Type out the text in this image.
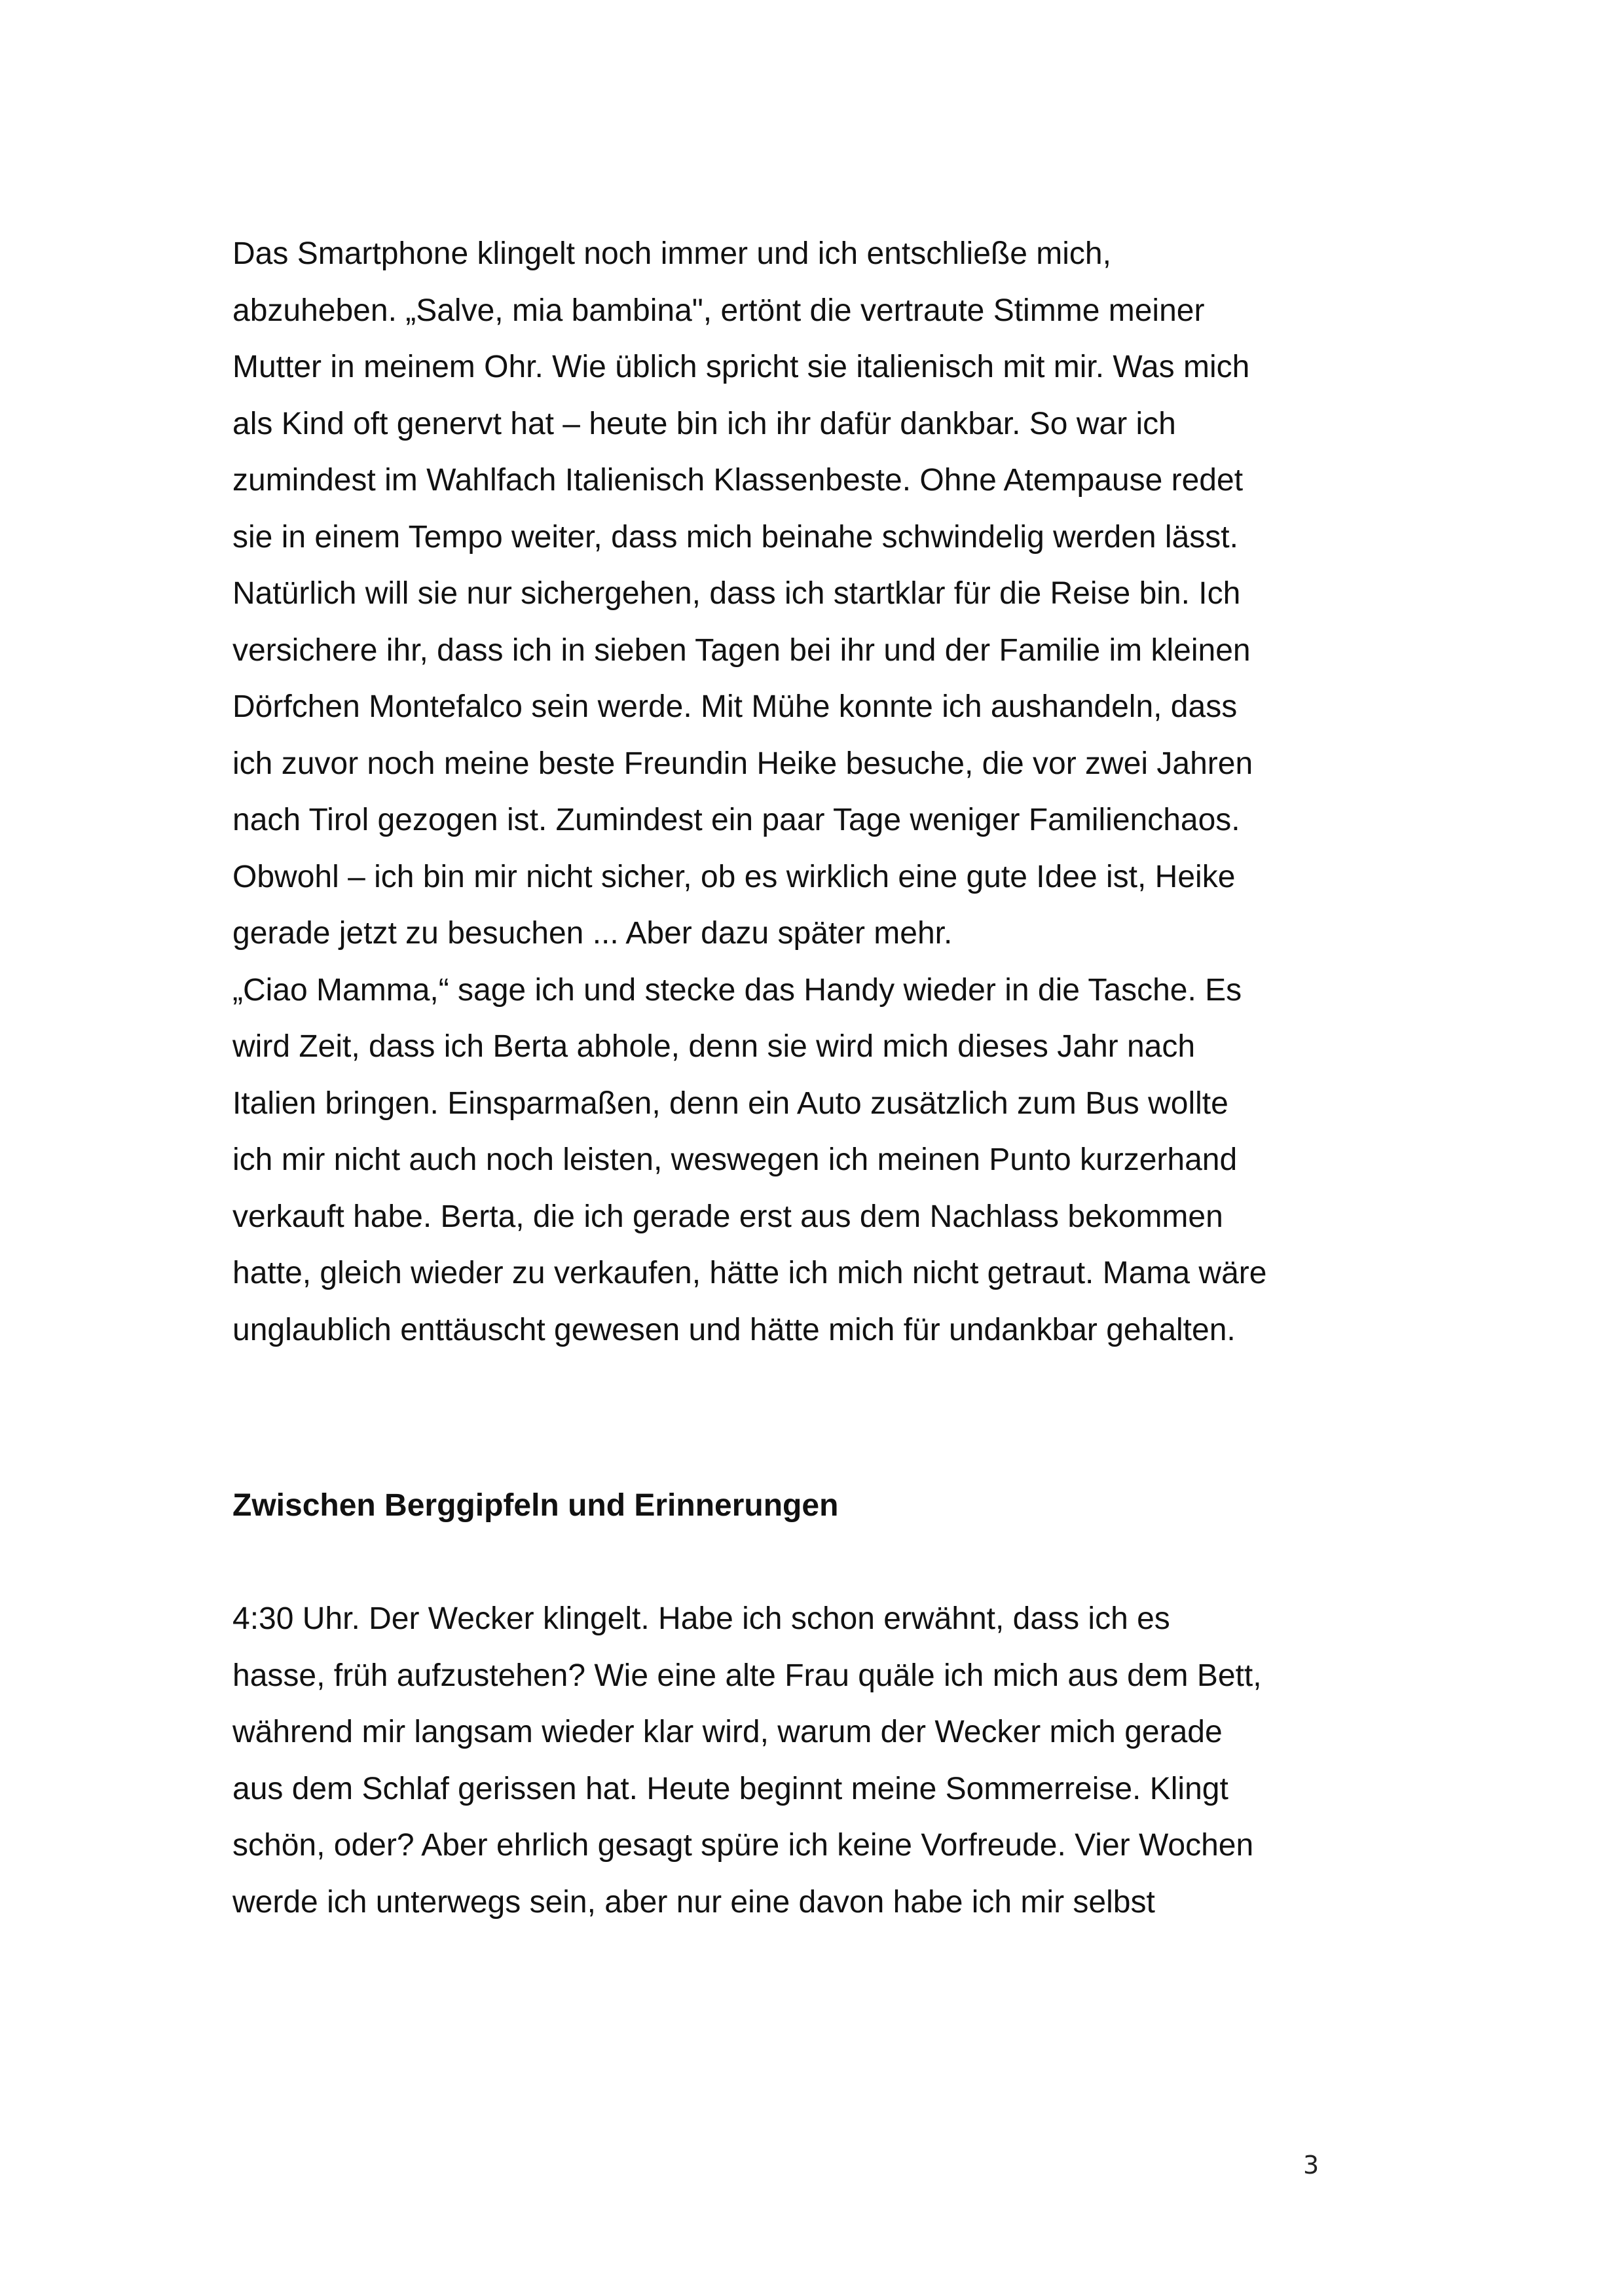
Das Smartphone klingelt noch immer und ich entschließe mich,
abzuheben. „Salve, mia bambina", ertönt die vertraute Stimme meiner
Mutter in meinem Ohr. Wie üblich spricht sie italienisch mit mir. Was mich
als Kind oft genervt hat – heute bin ich ihr dafür dankbar. So war ich
zumindest im Wahlfach Italienisch Klassenbeste. Ohne Atempause redet
sie in einem Tempo weiter, dass mich beinahe schwindelig werden lässt.
Natürlich will sie nur sichergehen, dass ich startklar für die Reise bin. Ich
versichere ihr, dass ich in sieben Tagen bei ihr und der Familie im kleinen
Dörfchen Montefalco sein werde. Mit Mühe konnte ich aushandeln, dass
ich zuvor noch meine beste Freundin Heike besuche, die vor zwei Jahren
nach Tirol gezogen ist. Zumindest ein paar Tage weniger Familienchaos.
Obwohl – ich bin mir nicht sicher, ob es wirklich eine gute Idee ist, Heike
gerade jetzt zu besuchen ... Aber dazu später mehr.
„Ciao Mamma,“ sage ich und stecke das Handy wieder in die Tasche. Es
wird Zeit, dass ich Berta abhole, denn sie wird mich dieses Jahr nach
Italien bringen. Einsparmaßen, denn ein Auto zusätzlich zum Bus wollte
ich mir nicht auch noch leisten, weswegen ich meinen Punto kurzerhand
verkauft habe. Berta, die ich gerade erst aus dem Nachlass bekommen
hatte, gleich wieder zu verkaufen, hätte ich mich nicht getraut. Mama wäre
unglaublich enttäuscht gewesen und hätte mich für undankbar gehalten.
Zwischen Berggipfeln und Erinnerungen
4:30 Uhr. Der Wecker klingelt. Habe ich schon erwähnt, dass ich es
hasse, früh aufzustehen? Wie eine alte Frau quäle ich mich aus dem Bett,
während mir langsam wieder klar wird, warum der Wecker mich gerade
aus dem Schlaf gerissen hat. Heute beginnt meine Sommerreise. Klingt
schön, oder? Aber ehrlich gesagt spüre ich keine Vorfreude. Vier Wochen
werde ich unterwegs sein, aber nur eine davon habe ich mir selbst
3
